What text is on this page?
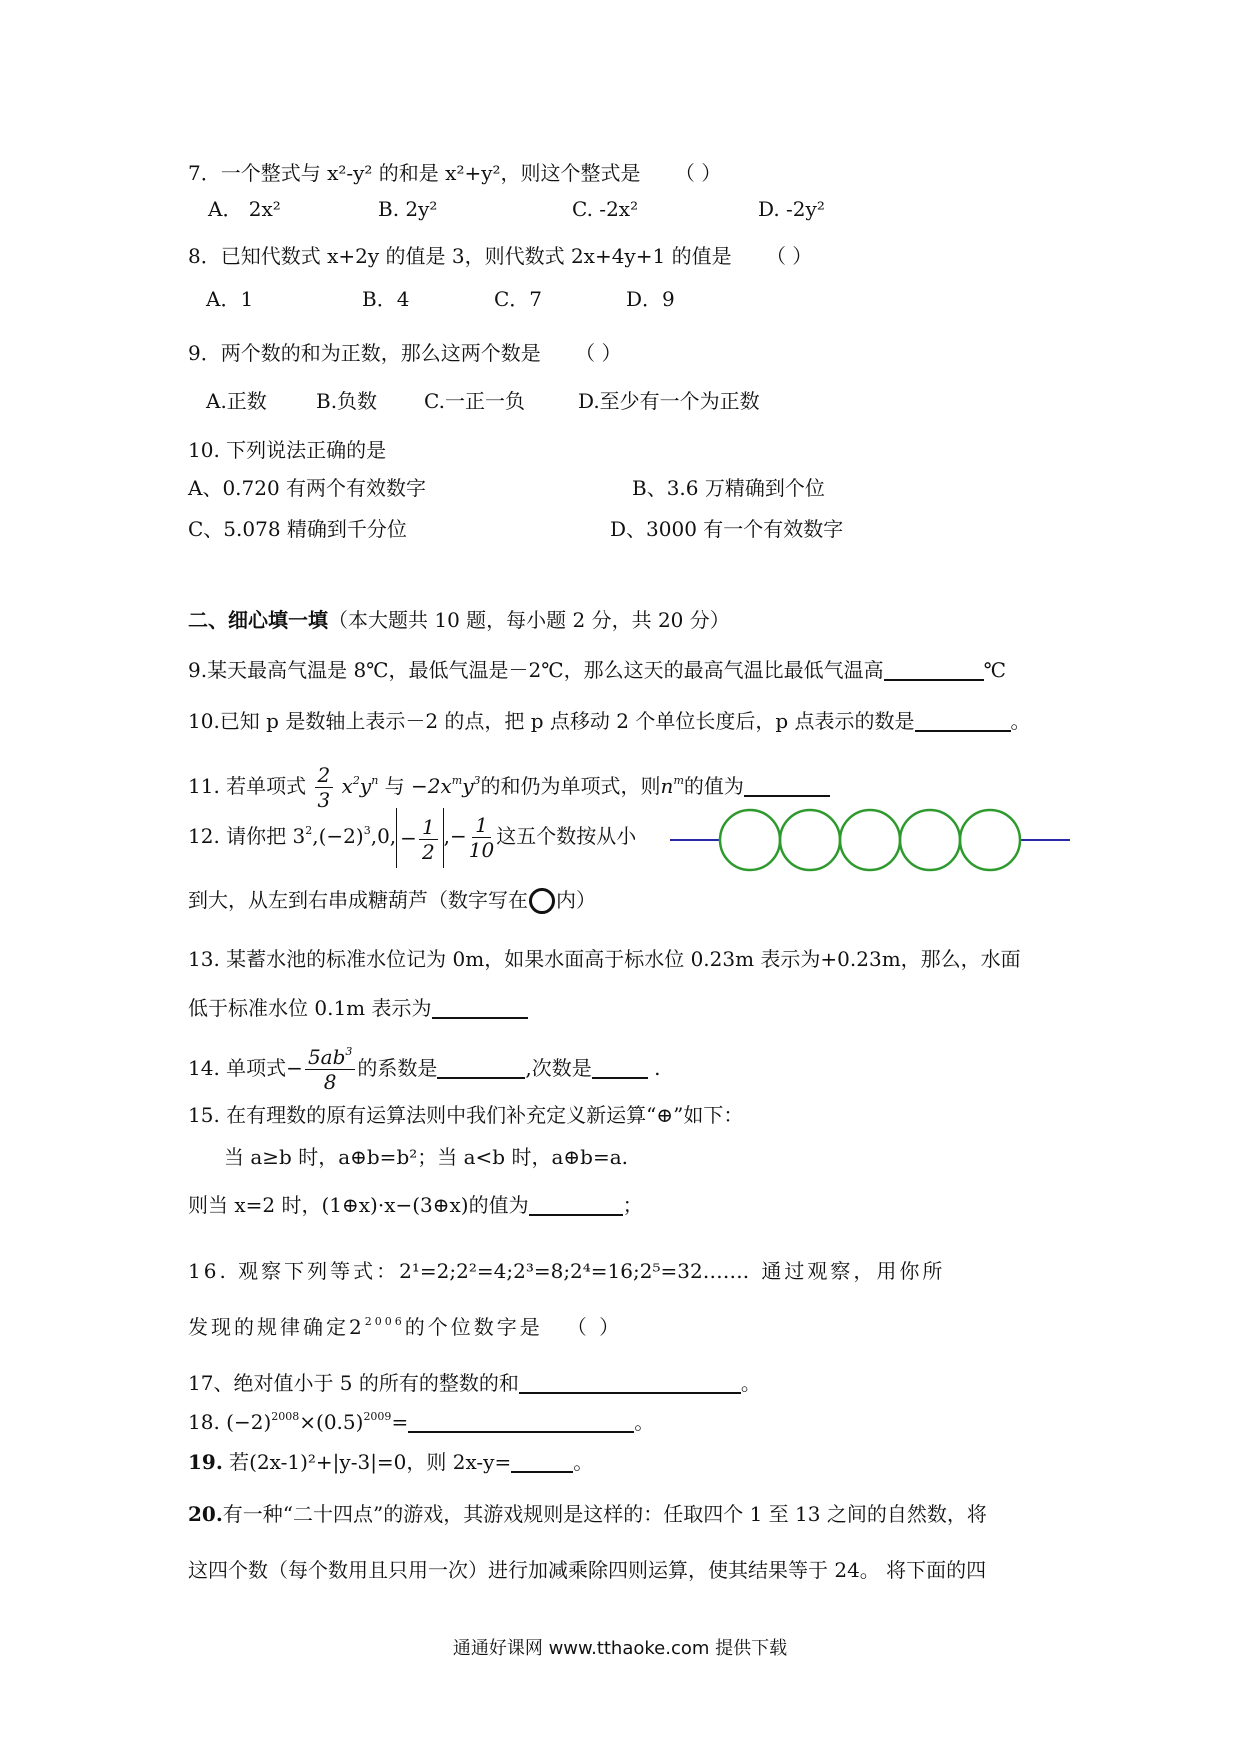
7．一个整式与 x²-y² 的和是 x²+y²，则这个整式是 （ ）
A． 2x²	B. 2y²	C. -2x²	D. -2y²
8．已知代数式 x+2y 的值是 3，则代数式 2x+4y+1 的值是 （ ）
A．1	B．4	C．7	D．9
9．两个数的和为正数，那么这两个数是 （ ）
A.正数 B.负数 C.一正一负	D.至少有一个为正数
10. 下列说法正确的是
A、0.720 有两个有效数字	B、3.6 万精确到个位
C、5.078 精确到千分位	D、3000 有一个有效数字
二、细心填一填（本大题共 10 题，每小题 2 分，共 20 分）
9.某天最高气温是 8℃，最低气温是－2℃，那么这天的最高气温比最低气温高	℃
10.已知 p 是数轴上表示－2 的点，把 p 点移动 2 个单位长度后，p 点表示的数是	。
11. 若单项式 $\frac{2}{3} x^2y^n$ 与 $-2x^my^3$的和仍为单项式，则$n^m$的值为
12. 请你把 $3^2,(-2)^3,0$, − $\frac{1}{2}$ ,− $\frac{1}{10}$ 这五个数按从小
到大，从左到右串成糖葫芦（数字写在 内）
13. 某蓄水池的标准水位记为 0m，如果水面高于标水位 0.23m 表示为+0.23m，那么，水面
低于标准水位 0.1m 表示为
14. 单项式− $\frac{5ab^3}{8}$ 的系数是	,次数是	.
15. 在有理数的原有运算法则中我们补充定义新运算“⊕”如下：
当 a≥b 时，a⊕b=b²；当 a<b 时，a⊕b=a.
则当 x=2 时，(1⊕x)·x−(3⊕x)的值为	；
16. 观察下列等式：2¹=2;2²=4;2³=8;2⁴=16;2⁵=32……. 通过观察，用你所
发现的规律确定$2^{2006}$的个位数字是 （ ）
17、绝对值小于 5 的所有的整数的和	。
18. $(-2)^{2008}\times(0.5)^{2009}=$	。
19. 若(2x-1)²+|y-3|=0，则 2x-y=	。
20.有一种“二十四点”的游戏，其游戏规则是这样的：任取四个 1 至 13 之间的自然数，将
这四个数（每个数用且只用一次）进行加减乘除四则运算，使其结果等于 24。 将下面的四
通通好课网 www.tthaoke.com 提供下载
